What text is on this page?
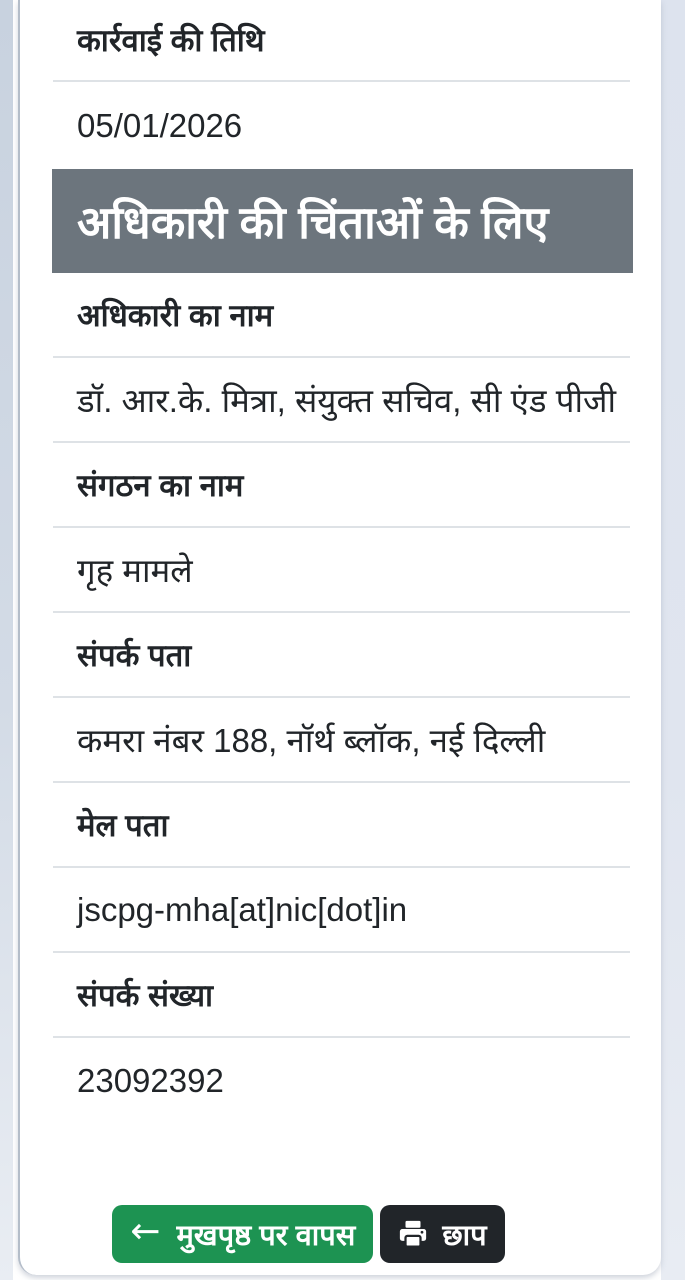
कार्रवाई की तिथि
05/01/2026
अधिकारी की चिंताओं के लिए
अधिकारी का नाम
डॉ. आर.के. मित्रा, संयुक्त सचिव, सी एंड पीजी
संगठन का नाम
गृह मामले
संपर्क पता
कमरा नंबर 188, नॉर्थ ब्लॉक, नई दिल्ली
मेल पता
jscpg-mha[at]nic[dot]in
संपर्क संख्या
23092392
← मुखपृष्ठ पर वापस	छाप
